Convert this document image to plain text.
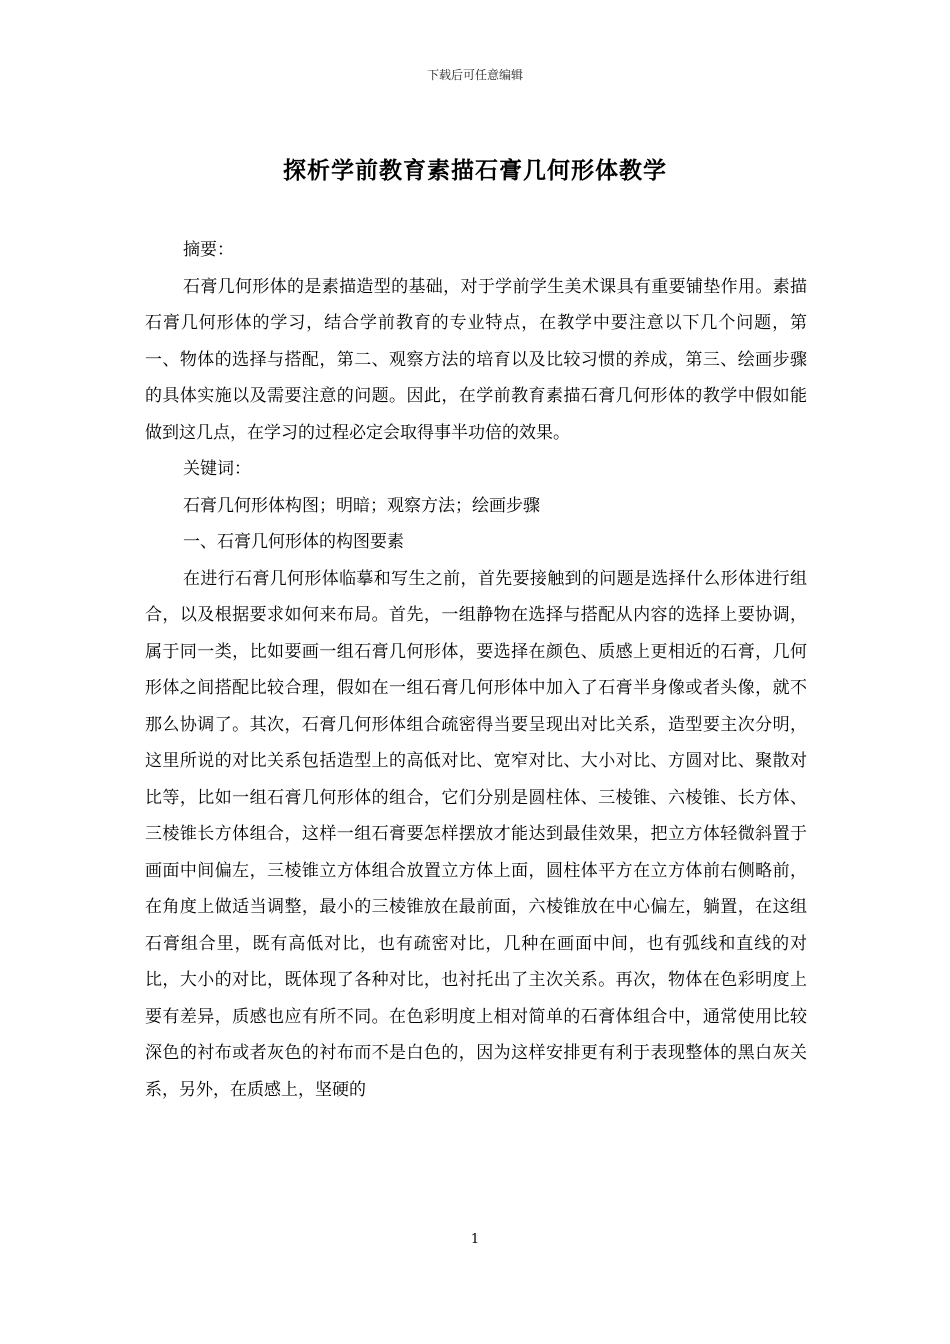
下载后可任意编辑
探析学前教育素描石膏几何形体教学

摘要：

石膏几何形体的是素描造型的基础，对于学前学生美术课具有重要铺垫作用。素描石膏几何形体的学习，结合学前教育的专业特点，在教学中要注意以下几个问题，第一、物体的选择与搭配，第二、观察方法的培育以及比较习惯的养成，第三、绘画步骤的具体实施以及需要注意的问题。因此，在学前教育素描石膏几何形体的教学中假如能做到这几点，在学习的过程必定会取得事半功倍的效果。

关键词：

石膏几何形体构图；明暗；观察方法；绘画步骤

一、石膏几何形体的构图要素

在进行石膏几何形体临摹和写生之前，首先要接触到的问题是选择什么形体进行组合，以及根据要求如何来布局。首先，一组静物在选择与搭配从内容的选择上要协调，属于同一类，比如要画一组石膏几何形体，要选择在颜色、质感上更相近的石膏，几何形体之间搭配比较合理，假如在一组石膏几何形体中加入了石膏半身像或者头像，就不那么协调了。其次，石膏几何形体组合疏密得当要呈现出对比关系，造型要主次分明，这里所说的对比关系包括造型上的高低对比、宽窄对比、大小对比、方圆对比、聚散对比等，比如一组石膏几何形体的组合，它们分别是圆柱体、三棱锥、六棱锥、长方体、三棱锥长方体组合，这样一组石膏要怎样摆放才能达到最佳效果，把立方体轻微斜置于画面中间偏左，三棱锥立方体组合放置立方体上面，圆柱体平方在立方体前右侧略前，在角度上做适当调整，最小的三棱锥放在最前面，六棱锥放在中心偏左，躺置，在这组石膏组合里，既有高低对比，也有疏密对比，几种在画面中间，也有弧线和直线的对比，大小的对比，既体现了各种对比，也衬托出了主次关系。再次，物体在色彩明度上要有差异，质感也应有所不同。在色彩明度上相对简单的石膏体组合中，通常使用比较深色的衬布或者灰色的衬布而不是白色的，因为这样安排更有利于表现整体的黑白灰关系，另外，在质感上，坚硬的

1
